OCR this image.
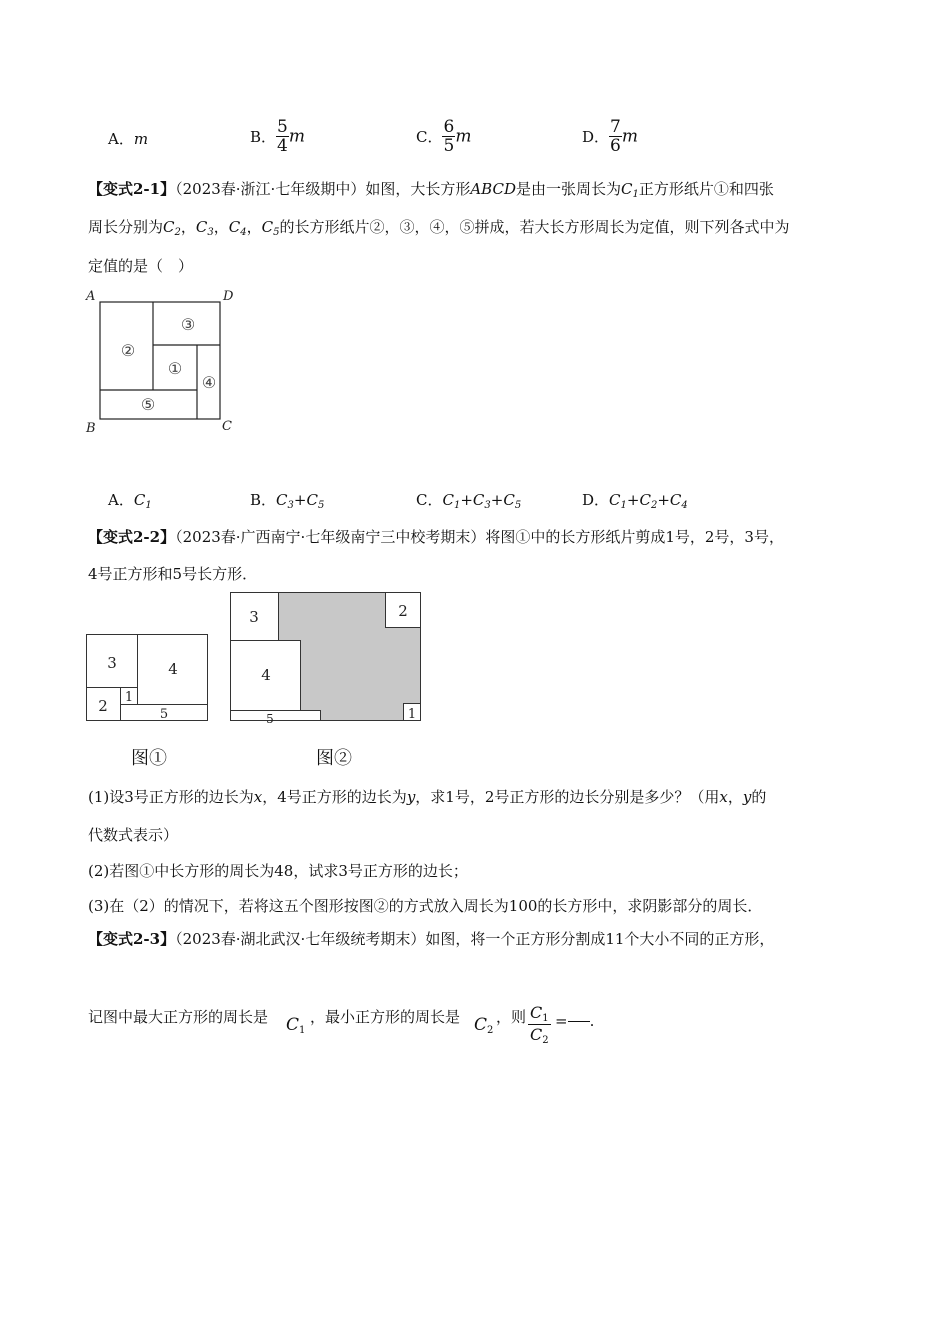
A．m	B． $\frac{5}{4}$ m	C． $\frac{6}{5}$ m	D． $\frac{7}{6}$ m
【变式2-1】（2023春·浙江·七年级期中）如图，大长方形ABCD是由一张周长为$C_1$正方形纸片①和四张
周长分别为$C_2$，$C_3$，$C_4$，$C_5$的长方形纸片②，③，④，⑤拼成，若大长方形周长为定值，则下列各式中为
定值的是（　）
A	D
B	C
③
②
①
④
⑤
A．$C_1$	B．$C_3+C_5$	C．$C_1+C_3+C_5$	D．$C_1+C_2+C_4$
【变式2-2】（2023春·广西南宁·七年级南宁三中校考期末）将图①中的长方形纸片剪成1号，2号，3号，
4号正方形和5号长方形．
3	4
2 1
5
图①
3
4
5
2
1
图②
(1)设3号正方形的边长为x，4号正方形的边长为y，求1号，2号正方形的边长分别是多少？（用x，y的
代数式表示）
(2)若图①中长方形的周长为48，试求3号正方形的边长；
(3)在（2）的情况下，若将这五个图形按图②的方式放入周长为100的长方形中，求阴影部分的周长．
【变式2-3】（2023春·湖北武汉·七年级统考期末）如图，将一个正方形分割成11个大小不同的正方形，
记图中最大正方形的周长是 $C_1$
，最小正方形的周长是 $C_2$
，则 $C_1$
$C_2$
= .
